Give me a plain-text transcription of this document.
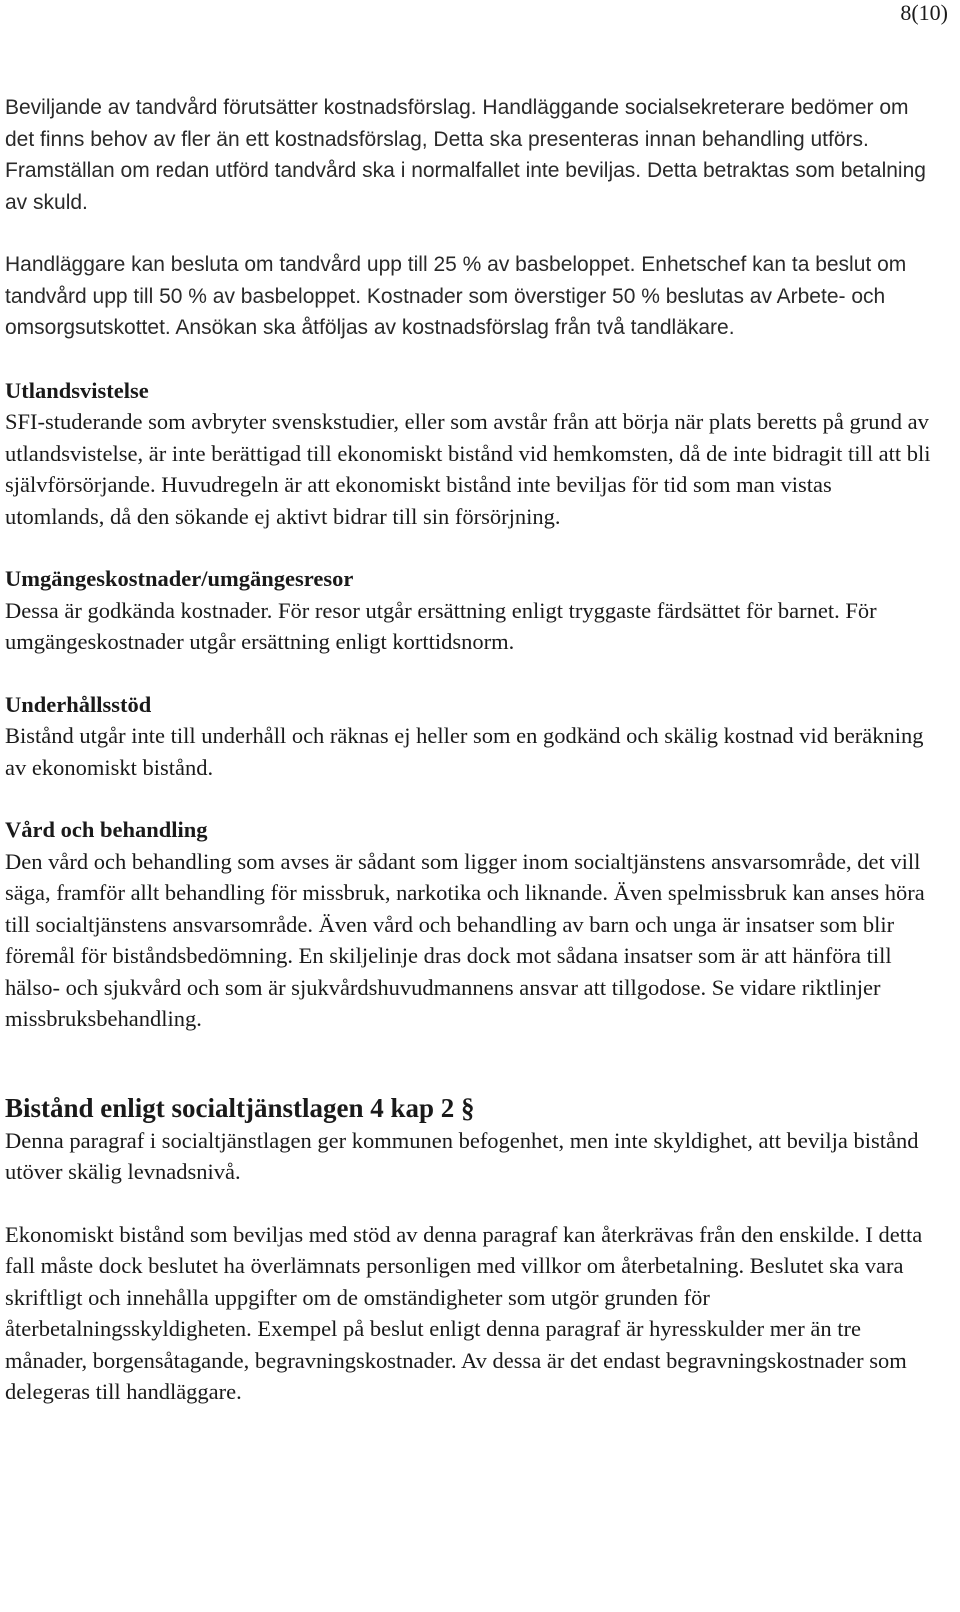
8(10)

Beviljande av tandvård förutsätter kostnadsförslag. Handläggande socialsekreterare bedömer om det finns behov av fler än ett kostnadsförslag, Detta ska presenteras innan behandling utförs. Framställan om redan utförd tandvård ska i normalfallet inte beviljas. Detta betraktas som betalning av skuld.

Handläggare kan besluta om tandvård upp till 25 % av basbeloppet. Enhetschef kan ta beslut om tandvård upp till 50 % av basbeloppet. Kostnader som överstiger 50 % beslutas av Arbete- och omsorgsutskottet. Ansökan ska åtföljas av kostnadsförslag från två tandläkare.

Utlandsvistelse

SFI-studerande som avbryter svenskstudier, eller som avstår från att börja när plats beretts på grund av utlandsvistelse, är inte berättigad till ekonomiskt bistånd vid hemkomsten, då de inte bidragit till att bli självförsörjande. Huvudregeln är att ekonomiskt bistånd inte beviljas för tid som man vistas utomlands, då den sökande ej aktivt bidrar till sin försörjning.

Umgängeskostnader/umgängesresor

Dessa är godkända kostnader. För resor utgår ersättning enligt tryggaste färdsättet för barnet. För umgängeskostnader utgår ersättning enligt korttidsnorm.

Underhållsstöd

Bistånd utgår inte till underhåll och räknas ej heller som en godkänd och skälig kostnad vid beräkning av ekonomiskt bistånd.

Vård och behandling

Den vård och behandling som avses är sådant som ligger inom socialtjänstens ansvarsområde, det vill säga, framför allt behandling för missbruk, narkotika och liknande. Även spelmissbruk kan anses höra till socialtjänstens ansvarsområde. Även vård och behandling av barn och unga är insatser som blir föremål för biståndsbedömning. En skiljelinje dras dock mot sådana insatser som är att hänföra till hälso- och sjukvård och som är sjukvårdshuvudmannens ansvar att tillgodose. Se vidare riktlinjer missbruksbehandling.

Bistånd enligt socialtjänstlagen 4 kap 2 §

Denna paragraf i socialtjänstlagen ger kommunen befogenhet, men inte skyldighet, att bevilja bistånd utöver skälig levnadsnivå.

Ekonomiskt bistånd som beviljas med stöd av denna paragraf kan återkrävas från den enskilde. I detta fall måste dock beslutet ha överlämnats personligen med villkor om återbetalning. Beslutet ska vara skriftligt och innehålla uppgifter om de omständigheter som utgör grunden för återbetalningsskyldigheten. Exempel på beslut enligt denna paragraf är hyresskulder mer än tre månader, borgensåtagande, begravningskostnader. Av dessa är det endast begravningskostnader som delegeras till handläggare.
